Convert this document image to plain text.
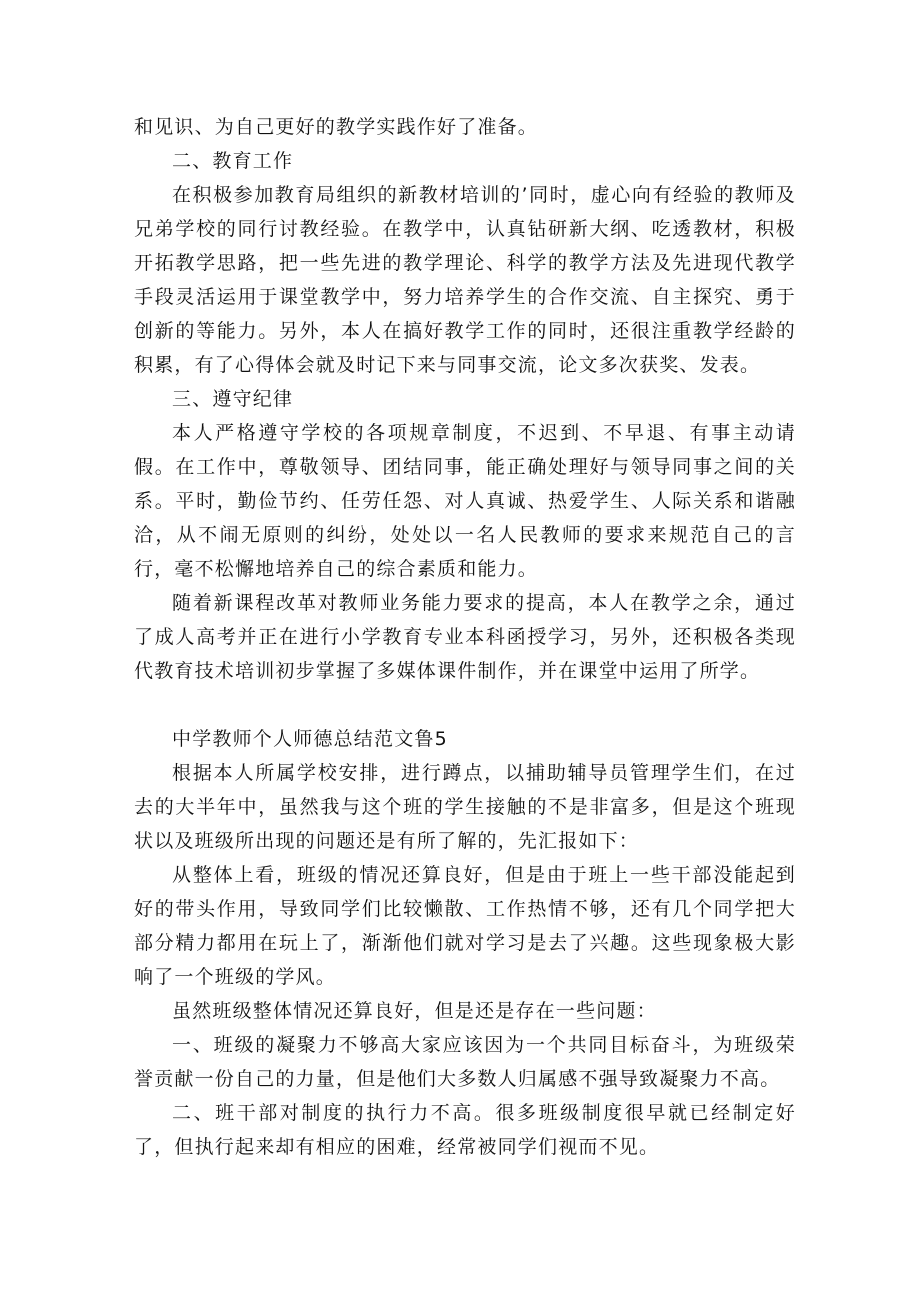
和见识、为自己更好的教学实践作好了准备。

二、教育工作

在积极参加教育局组织的新教材培训的’同时，虚心向有经验的教师及兄弟学校的同行讨教经验。在教学中，认真钻研新大纲、吃透教材，积极开拓教学思路，把一些先进的教学理论、科学的教学方法及先进现代教学手段灵活运用于课堂教学中，努力培养学生的合作交流、自主探究、勇于创新的等能力。另外，本人在搞好教学工作的同时，还很注重教学经龄的积累，有了心得体会就及时记下来与同事交流，论文多次获奖、发表。

三、遵守纪律

本人严格遵守学校的各项规章制度，不迟到、不早退、有事主动请假。在工作中，尊敬领导、团结同事，能正确处理好与领导同事之间的关系。平时，勤俭节约、任劳任怨、对人真诚、热爱学生、人际关系和谐融洽，从不闹无原则的纠纷，处处以一名人民教师的要求来规范自己的言行，毫不松懈地培养自己的综合素质和能力。

随着新课程改革对教师业务能力要求的提高，本人在教学之余，通过了成人高考并正在进行小学教育专业本科函授学习，另外，还积极各类现代教育技术培训初步掌握了多媒体课件制作，并在课堂中运用了所学。

中学教师个人师德总结范文鲁5

根据本人所属学校安排，进行蹲点，以捕助辅导员管理学生们，在过去的大半年中，虽然我与这个班的学生接触的不是非富多，但是这个班现状以及班级所出现的问题还是有所了解的，先汇报如下：

从整体上看，班级的情况还算良好，但是由于班上一些干部没能起到好的带头作用，导致同学们比较懒散、工作热情不够，还有几个同学把大部分精力都用在玩上了，渐渐他们就对学习是去了兴趣。这些现象极大影响了一个班级的学风。

虽然班级整体情况还算良好，但是还是存在一些问题：

一、班级的凝聚力不够高大家应该因为一个共同目标奋斗，为班级荣誉贡献一份自己的力量，但是他们大多数人归属感不强导致凝聚力不高。

二、班干部对制度的执行力不高。很多班级制度很早就已经制定好了，但执行起来却有相应的困难，经常被同学们视而不见。
